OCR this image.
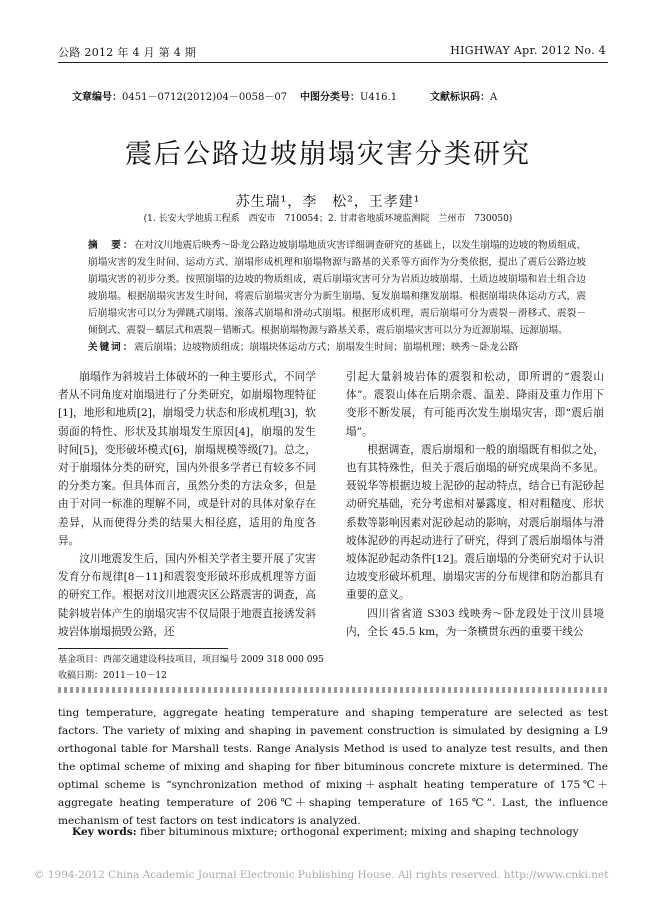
公路 2012 年 4 月 第 4 期	HIGHWAY Apr. 2012 No. 4
文章编号：0451－0712(2012)04－0058－07 中图分类号：U416.1	文献标识码：A
震后公路边坡崩塌灾害分类研究
苏生瑞¹，李　松²，王孝建¹
(1. 长安大学地质工程系　西安市　710054；2. 甘肃省地质环境监测院　兰州市　730050)
摘　要：在对汶川地震后映秀～卧龙公路边坡崩塌地质灾害详细调查研究的基础上，以发生崩塌的边坡的物质组成、崩塌灾害的发生时间、运动方式、崩塌形成机理和崩塌物源与路基的关系等方面作为分类依据，提出了震后公路边坡崩塌灾害的初步分类。按照崩塌的边坡的物质组成，震后崩塌灾害可分为岩质边坡崩塌、土质边坡崩塌和岩土组合边坡崩塌。根据崩塌灾害发生时间，将震后崩塌灾害分为新生崩塌、复发崩塌和继发崩塌。根据崩塌块体运动方式，震后崩塌灾害可以分为弹跳式崩塌、滚落式崩塌和滑动式崩塌。根据形成机理，震后崩塌可分为震裂－滑移式、震裂－倾倒式、震裂－蠕层式和震裂－错断式。根据崩塌物源与路基关系，震后崩塌灾害可以分为近源崩塌、远源崩塌。
关键词：震后崩塌；边坡物质组成；崩塌块体运动方式；崩塌发生时间；崩塌机理；映秀～卧龙公路

崩塌作为斜坡岩土体破坏的一种主要形式，不同学者从不同角度对崩塌进行了分类研究，如崩塌物理特征[1]，地形和地质[2]，崩塌受力状态和形成机理[3]，软弱面的特性、形状及其崩塌发生原因[4]，崩塌的发生时间[5]，变形破坏模式[6]，崩塌规模等级[7]。总之，对于崩塌体分类的研究，国内外很多学者已有较多不同的分类方案。但具体而言，虽然分类的方法众多，但是由于对同一标准的理解不同，或是针对的具体对象存在差异，从而使得分类的结果大相径庭，适用的角度各异。

汶川地震发生后，国内外相关学者主要开展了灾害发育分布规律[8－11]和震裂变形破坏形成机理等方面的研究工作。根据对汶川地震灾区公路震害的调查，高陡斜坡岩体产生的崩塌灾害不仅局限于地震直接诱发斜坡岩体崩塌损毁公路，还

引起大量斜坡岩体的震裂和松动，即所谓的“震裂山体”。震裂山体在后期余震、温差、降雨及重力作用下变形不断发展，有可能再次发生崩塌灾害，即“震后崩塌”。

根据调查，震后崩塌和一般的崩塌既有相似之处，也有其特殊性，但关于震后崩塌的研究成果尚不多见。聂锐华等根据边坡上泥砂的起动特点，结合已有泥砂起动研究基础，充分考虑相对暴露度、相对粗糙度、形状系数等影响因素对泥砂起动的影响，对震后崩塌体与滑坡体泥砂的再起动进行了研究，得到了震后崩塌体与滑坡体泥砂起动条件[12]。震后崩塌的分类研究对于认识边坡变形破坏机理、崩塌灾害的分布规律和防治都具有重要的意义。

四川省省道 S303 线映秀～卧龙段处于汶川县境内，全长 45.5 km，为一条横贯东西的重要干线公

基金项目：西部交通建设科技项目，项目编号 2009 318 000 095
收稿日期：2011－10－12

ting temperature, aggregate heating temperature and shaping temperature are selected as test factors. The variety of mixing and shaping in pavement construction is simulated by designing a L9 orthogonal table for Marshall tests. Range Analysis Method is used to analyze test results, and then the optimal scheme of mixing and shaping for fiber bituminous concrete mixture is determined. The optimal scheme is “synchronization method of mixing＋asphalt heating temperature of 175℃＋aggregate heating temperature of 206℃＋shaping temperature of 165℃”. Last, the influence mechanism of test factors on test indicators is analyzed.

Key words: fiber bituminous mixture; orthogonal experiment; mixing and shaping technology
© 1994-2012 China Academic Journal Electronic Publishing House. All rights reserved. http://www.cnki.net
